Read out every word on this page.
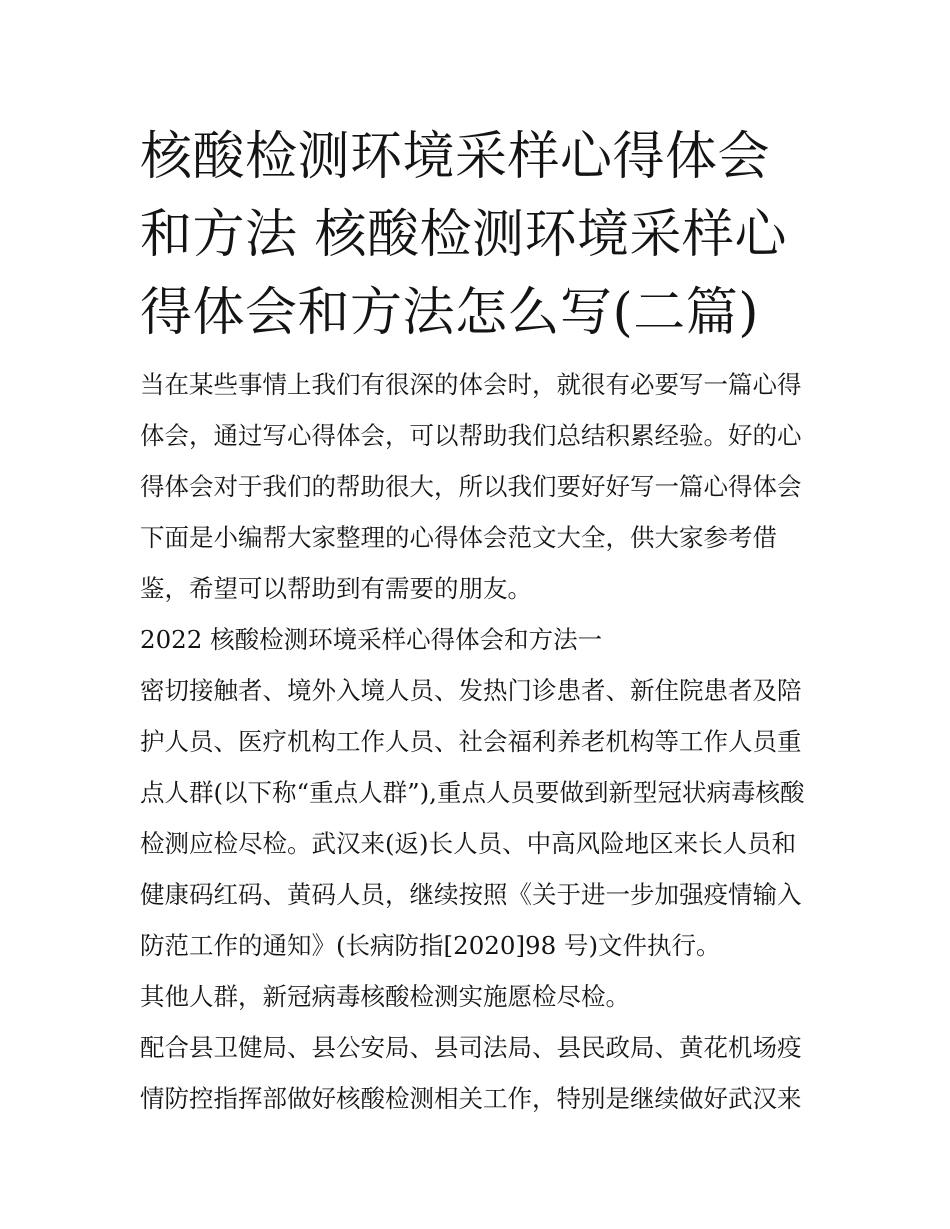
核酸检测环境采样心得体会和方法 核酸检测环境采样心得体会和方法怎么写(二篇)

当在某些事情上我们有很深的体会时，就很有必要写一篇心得体会，通过写心得体会，可以帮助我们总结积累经验。好的心得体会对于我们的帮助很大，所以我们要好好写一篇心得体会下面是小编帮大家整理的心得体会范文大全，供大家参考借鉴，希望可以帮助到有需要的朋友。

2022 核酸检测环境采样心得体会和方法一

密切接触者、境外入境人员、发热门诊患者、新住院患者及陪护人员、医疗机构工作人员、社会福利养老机构等工作人员重点人群(以下称“重点人群”),重点人员要做到新型冠状病毒核酸检测应检尽检。武汉来(返)长人员、中高风险地区来长人员和健康码红码、黄码人员，继续按照《关于进一步加强疫情输入防范工作的通知》(长病防指[2020]98 号)文件执行。

其他人群，新冠病毒核酸检测实施愿检尽检。

配合县卫健局、县公安局、县司法局、县民政局、黄花机场疫情防控指挥部做好核酸检测相关工作，特别是继续做好武汉来
